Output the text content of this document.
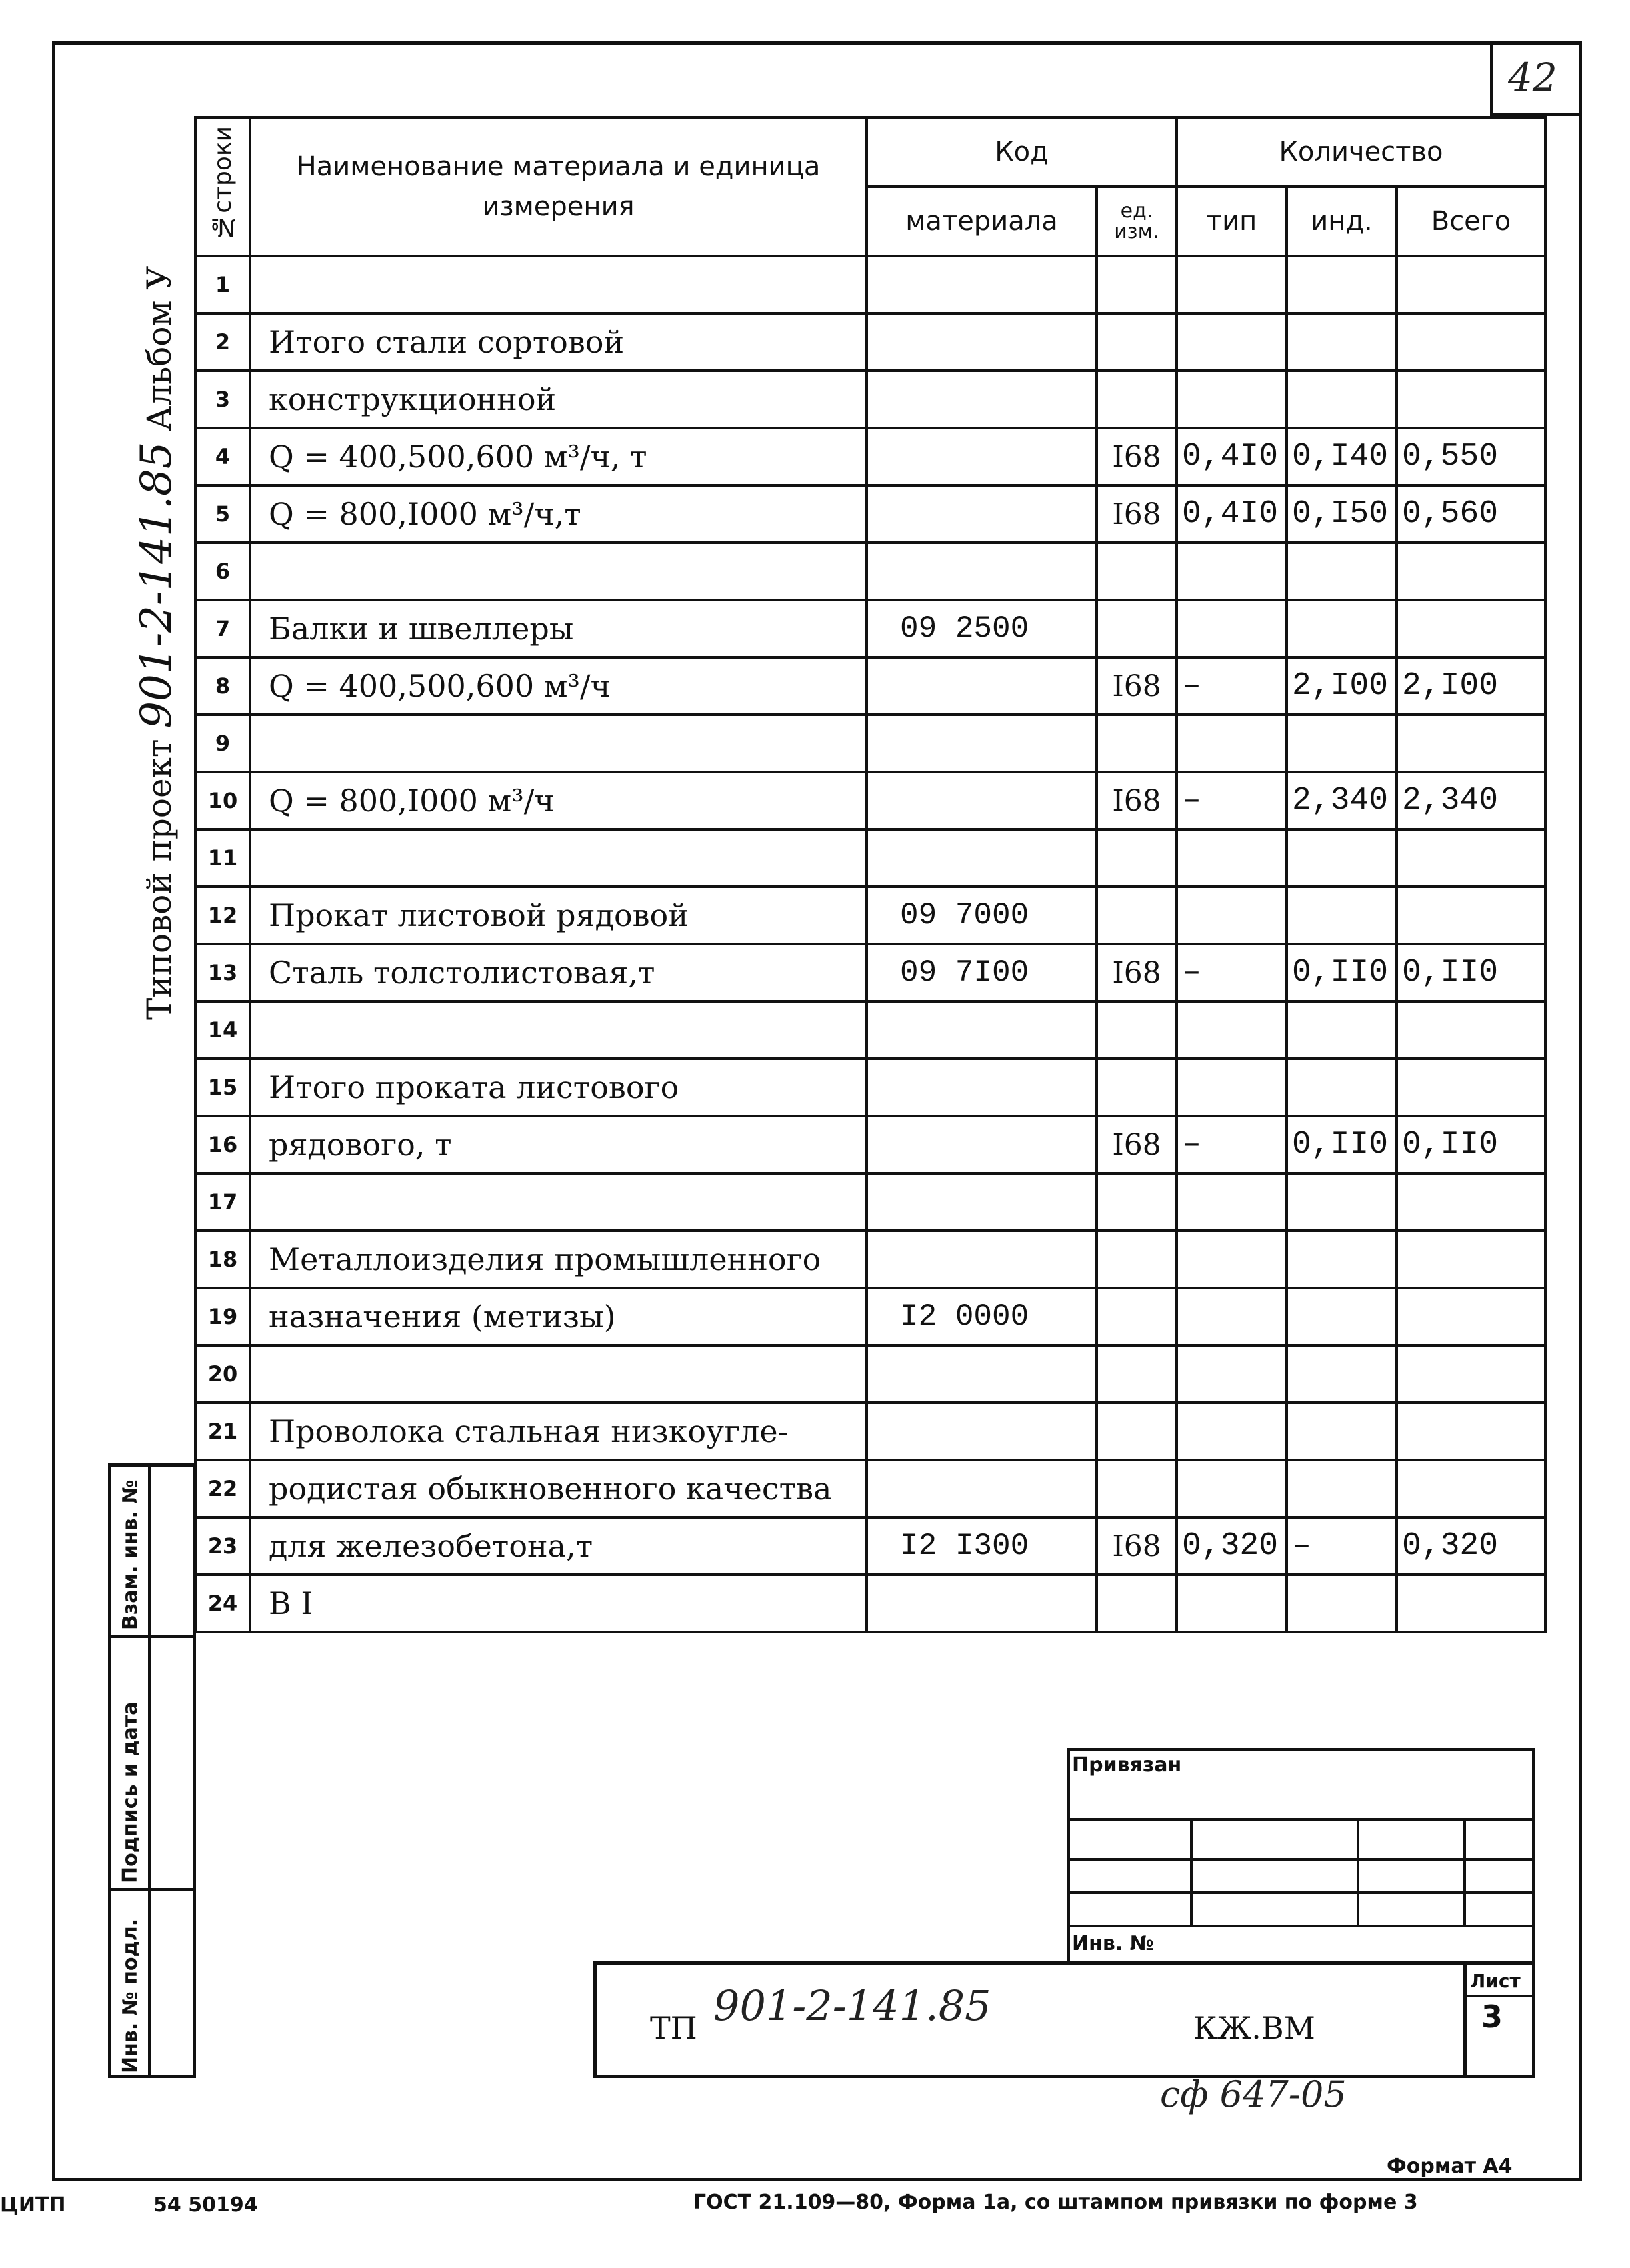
42
Типовой проект 901-2-141.85 Альбом У
№строки	Наименование материала и единица измерения	Код		Количество		
		материала	ед. изм.	тип	инд.	Всего
1						
2	Итого стали сортовой					
3	конструкционной					
4	Q = 400,500,600 м³/ч, т		I68	0,4I0	0,I40	0,550
5	Q = 800,I000 м³/ч,т		I68	0,4I0	0,I50	0,560
6						
7	Балки и швеллеры	09 2500				
8	Q = 400,500,600 м³/ч		I68	–	2,I00	2,I00
9						
10	Q = 800,I000 м³/ч		I68	–	2,340	2,340
11						
12	Прокат листовой рядовой	09 7000				
13	Сталь толстолистовая,т	09 7I00	I68	–	0,II0	0,II0
14						
15	Итого проката листового					
16	рядового, т		I68	–	0,II0	0,II0
17						
18	Металлоизделия промышленного					
19	назначения (метизы)	I2 0000				
20						
21	Проволока стальная низкоугле-					
22	родистая обыкновенного качества					
23	для железобетона,т	I2 I300	I68	0,320	–	0,320
24	В I					
Взам. инв. №
Подпись и дата
Инв. № подл.
Привязан
Инв. №
ТП 901-2-141.85	КЖ.ВМ
Лист
3
сф 647-05
Формат А4
ЦИТП	54 50194	ГОСТ 21.109—80, Форма 1а, со штампом привязки по форме 3
